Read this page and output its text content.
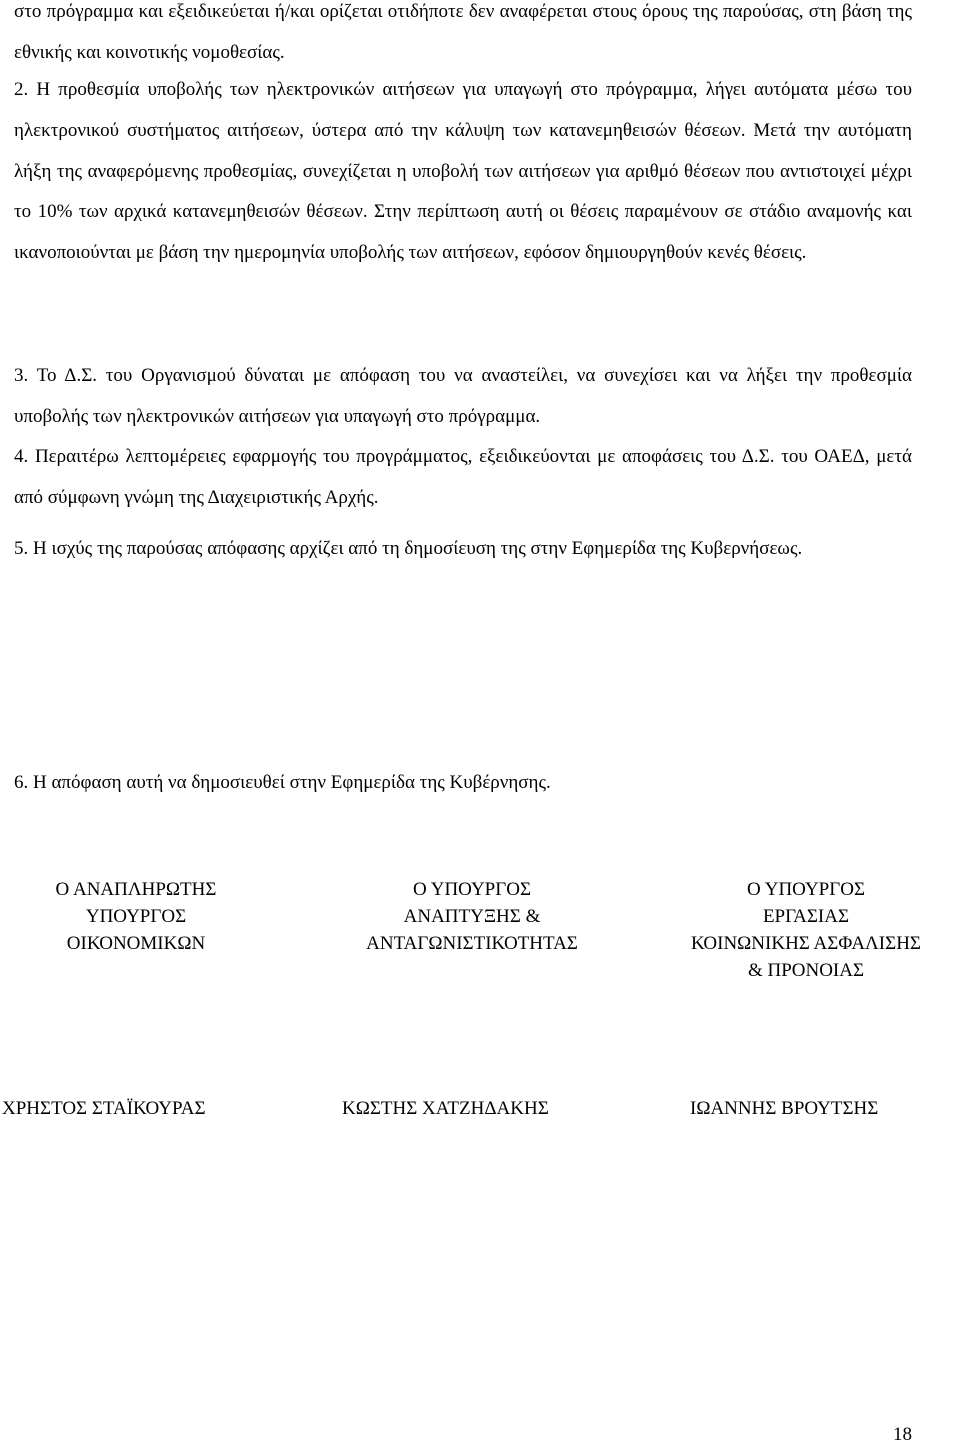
στο πρόγραμμα και εξειδικεύεται ή/και ορίζεται οτιδήποτε δεν αναφέρεται στους όρους της παρούσας, στη βάση της εθνικής και κοινοτικής νομοθεσίας.

2. Η προθεσμία υποβολής των ηλεκτρονικών αιτήσεων για υπαγωγή στο πρόγραμμα, λήγει αυτόματα μέσω του ηλεκτρονικού συστήματος αιτήσεων, ύστερα από την κάλυψη των κατανεμηθεισών θέσεων. Μετά την αυτόματη λήξη της αναφερόμενης προθεσμίας, συνεχίζεται η υποβολή των αιτήσεων για αριθμό θέσεων που αντιστοιχεί μέχρι το 10% των αρχικά κατανεμηθεισών θέσεων. Στην περίπτωση αυτή οι θέσεις παραμένουν σε στάδιο αναμονής και ικανοποιούνται με βάση την ημερομηνία υποβολής των αιτήσεων, εφόσον δημιουργηθούν κενές θέσεις.

3. Το Δ.Σ. του Οργανισμού δύναται με απόφαση του να αναστείλει, να συνεχίσει και να λήξει την προθεσμία υποβολής των ηλεκτρονικών αιτήσεων για υπαγωγή στο πρόγραμμα.

4. Περαιτέρω λεπτομέρειες εφαρμογής του προγράμματος, εξειδικεύονται με αποφάσεις του Δ.Σ. του ΟΑΕΔ, μετά από σύμφωνη γνώμη της Διαχειριστικής Αρχής.

5. Η ισχύς της παρούσας απόφασης αρχίζει από τη δημοσίευση της στην Εφημερίδα της Κυβερνήσεως.

6. Η απόφαση αυτή να δημοσιευθεί στην Εφημερίδα της Κυβέρνησης.

Ο ΑΝΑΠΛΗΡΩΤΗΣ
ΥΠΟΥΡΓΟΣ
ΟΙΚΟΝΟΜΙΚΩΝ
Ο ΥΠΟΥΡΓΟΣ
ΑΝΑΠΤΥΞΗΣ &
ΑΝΤΑΓΩΝΙΣΤΙΚΟΤΗΤΑΣ
Ο ΥΠΟΥΡΓΟΣ
ΕΡΓΑΣΙΑΣ
ΚΟΙΝΩΝΙΚΗΣ ΑΣΦΑΛΙΣΗΣ
& ΠΡΟΝΟΙΑΣ
ΧΡΗΣΤΟΣ ΣΤΑΪΚΟΥΡΑΣ	ΚΩΣΤΗΣ ΧΑΤΖΗΔΑΚΗΣ	ΙΩΑΝΝΗΣ ΒΡΟΥΤΣΗΣ
18
